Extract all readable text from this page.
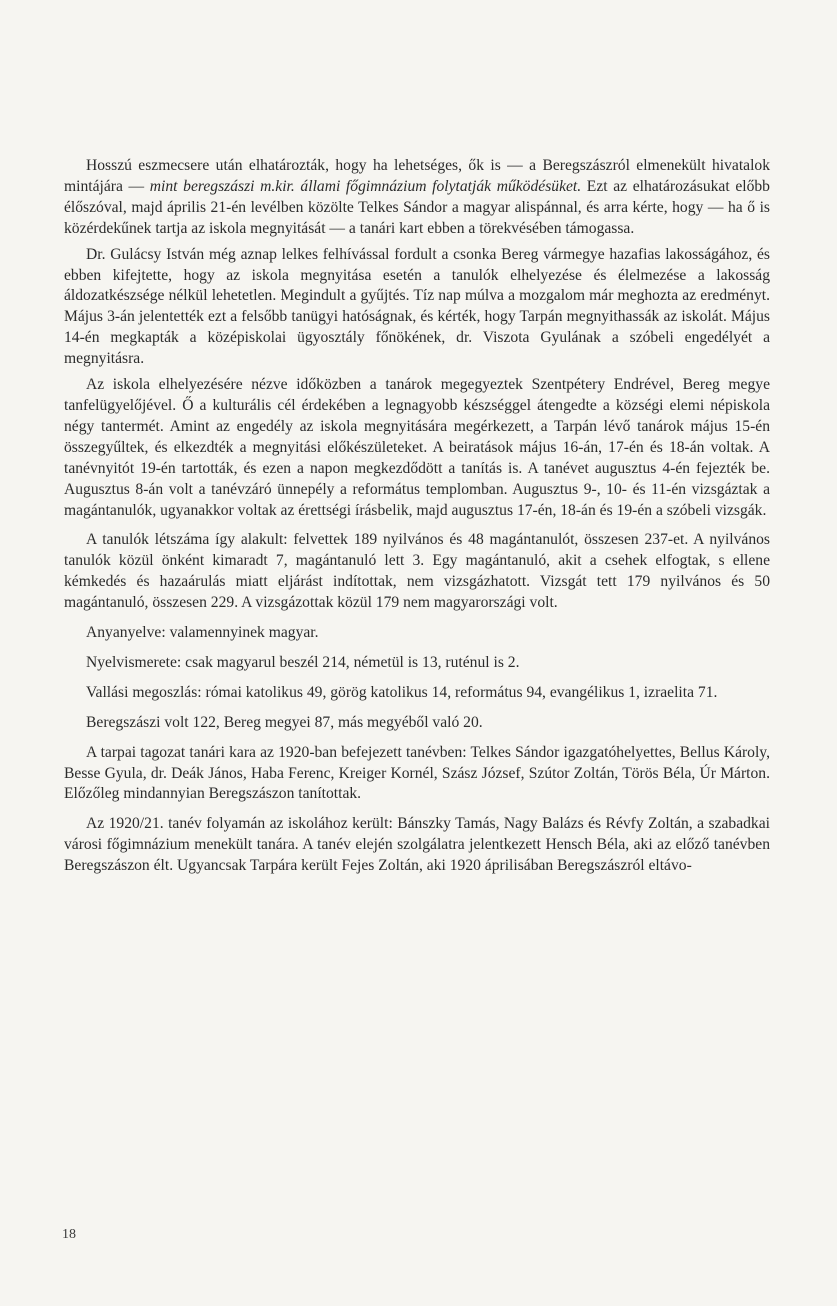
Hosszú eszmecsere után elhatározták, hogy ha lehetséges, ők is — a Beregszászról elmenekült hivatalok mintájára — mint beregszászi m.kir. állami főgimnázium folytatják működésüket. Ezt az elhatározásukat előbb élőszóval, majd április 21-én levélben közölte Telkes Sándor a magyar alispánnal, és arra kérte, hogy — ha ő is közérdekűnek tartja az iskola megnyitását — a tanári kart ebben a törekvésében támogassa.

Dr. Gulácsy István még aznap lelkes felhívással fordult a csonka Bereg vármegye hazafias lakosságához, és ebben kifejtette, hogy az iskola megnyitása esetén a tanulók elhelyezése és élelmezése a lakosság áldozatkészsége nélkül lehetetlen. Megindult a gyűjtés. Tíz nap múlva a mozgalom már meghozta az eredményt. Május 3-án jelentették ezt a felsőbb tanügyi hatóságnak, és kérték, hogy Tarpán megnyithassák az iskolát. Május 14-én megkapták a középiskolai ügyosztály főnökének, dr. Viszota Gyulának a szóbeli engedélyét a megnyitásra.

Az iskola elhelyezésére nézve időközben a tanárok megegyeztek Szentpétery Endrével, Bereg megye tanfelügyelőjével. Ő a kulturális cél érdekében a legnagyobb készséggel átengedte a községi elemi népiskola négy tantermét. Amint az engedély az iskola megnyitására megérkezett, a Tarpán lévő tanárok május 15-én összegyűltek, és elkezdték a megnyitási előkészületeket. A beiratások május 16-án, 17-én és 18-án voltak. A tanévnyitót 19-én tartották, és ezen a napon megkezdődött a tanítás is. A tanévet augusztus 4-én fejezték be. Augusztus 8-án volt a tanévzáró ünnepély a református templomban. Augusztus 9-, 10- és 11-én vizsgáztak a magántanulók, ugyanakkor voltak az érettségi írásbelik, majd augusztus 17-én, 18-án és 19-én a szóbeli vizsgák.

A tanulók létszáma így alakult: felvettek 189 nyilvános és 48 magántanulót, összesen 237-et. A nyilvános tanulók közül önként kimaradt 7, magántanuló lett 3. Egy magántanuló, akit a csehek elfogtak, s ellene kémkedés és hazaárulás miatt eljárást indítottak, nem vizsgázhatott. Vizsgát tett 179 nyilvános és 50 magántanuló, összesen 229. A vizsgázottak közül 179 nem magyarországi volt.

Anyanyelve: valamennyinek magyar.

Nyelvismerete: csak magyarul beszél 214, németül is 13, ruténul is 2.

Vallási megoszlás: római katolikus 49, görög katolikus 14, református 94, evangélikus 1, izraelita 71.

Beregszászi volt 122, Bereg megyei 87, más megyéből való 20.

A tarpai tagozat tanári kara az 1920-ban befejezett tanévben: Telkes Sándor igazgatóhelyettes, Bellus Károly, Besse Gyula, dr. Deák János, Haba Ferenc, Kreiger Kornél, Szász József, Szútor Zoltán, Törös Béla, Úr Márton. Előzőleg mindannyian Beregszászon tanítottak.

Az 1920/21. tanév folyamán az iskolához került: Bánszky Tamás, Nagy Balázs és Révfy Zoltán, a szabadkai városi főgimnázium menekült tanára. A tanév elején szolgálatra jelentkezett Hensch Béla, aki az előző tanévben Beregszászon élt. Ugyancsak Tarpára került Fejes Zoltán, aki 1920 áprilisában Beregszászról eltávo-

18
